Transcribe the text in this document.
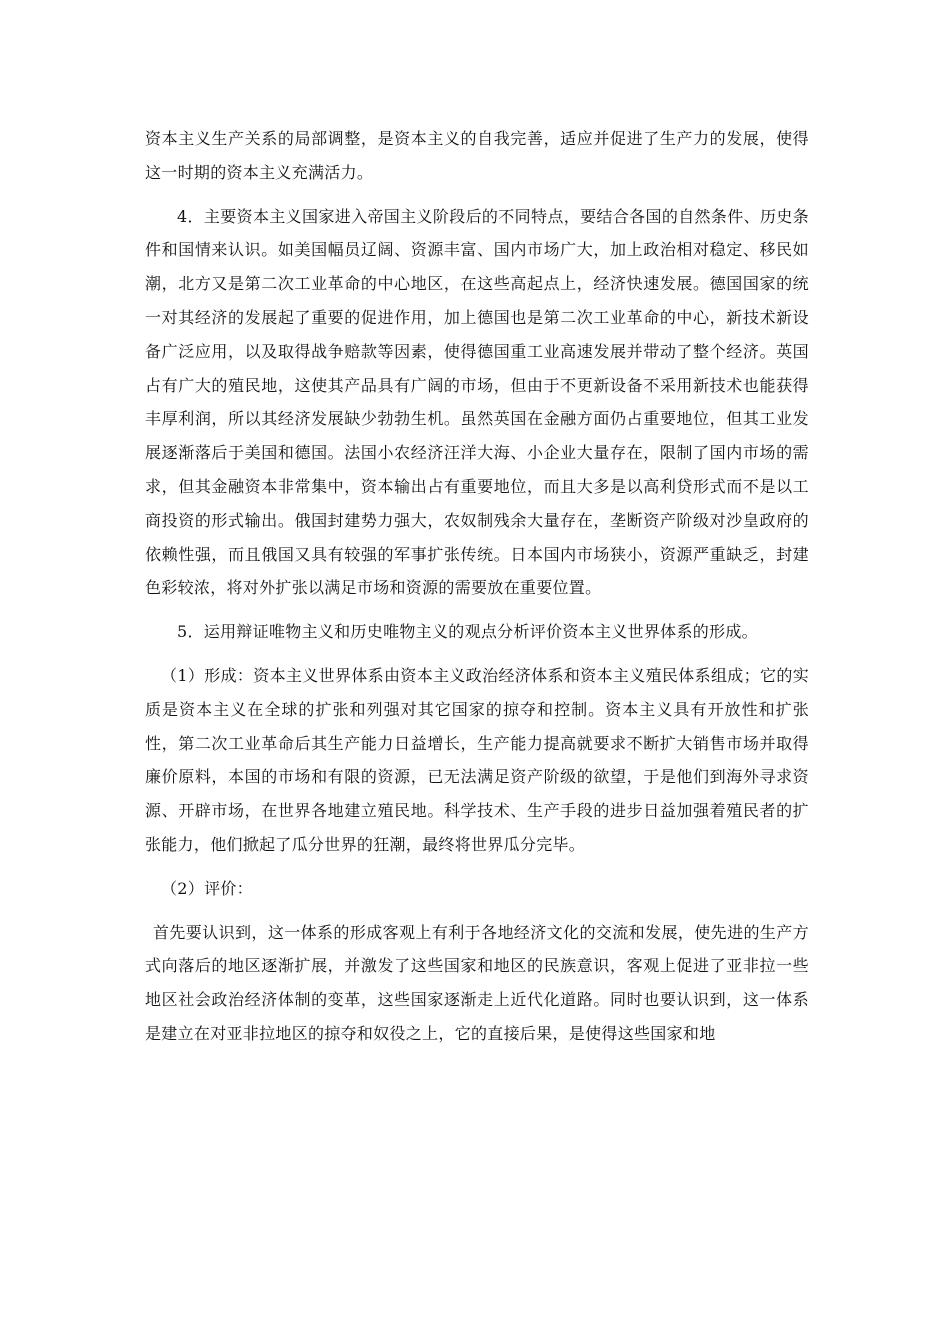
资本主义生产关系的局部调整，是资本主义的自我完善，适应并促进了生产力的发展，使得这一时期的资本主义充满活力。

4．主要资本主义国家进入帝国主义阶段后的不同特点，要结合各国的自然条件、历史条件和国情来认识。如美国幅员辽阔、资源丰富、国内市场广大，加上政治相对稳定、移民如潮，北方又是第二次工业革命的中心地区，在这些高起点上，经济快速发展。德国国家的统一对其经济的发展起了重要的促进作用，加上德国也是第二次工业革命的中心，新技术新设备广泛应用，以及取得战争赔款等因素，使得德国重工业高速发展并带动了整个经济。英国占有广大的殖民地，这使其产品具有广阔的市场，但由于不更新设备不采用新技术也能获得丰厚利润，所以其经济发展缺少勃勃生机。虽然英国在金融方面仍占重要地位，但其工业发展逐渐落后于美国和德国。法国小农经济汪洋大海、小企业大量存在，限制了国内市场的需求，但其金融资本非常集中，资本输出占有重要地位，而且大多是以高利贷形式而不是以工商投资的形式输出。俄国封建势力强大，农奴制残余大量存在，垄断资产阶级对沙皇政府的依赖性强，而且俄国又具有较强的军事扩张传统。日本国内市场狭小，资源严重缺乏，封建色彩较浓，将对外扩张以满足市场和资源的需要放在重要位置。

5．运用辩证唯物主义和历史唯物主义的观点分析评价资本主义世界体系的形成。

（1）形成：资本主义世界体系由资本主义政治经济体系和资本主义殖民体系组成；它的实质是资本主义在全球的扩张和列强对其它国家的掠夺和控制。资本主义具有开放性和扩张性，第二次工业革命后其生产能力日益增长，生产能力提高就要求不断扩大销售市场并取得廉价原料，本国的市场和有限的资源，已无法满足资产阶级的欲望，于是他们到海外寻求资源、开辟市场，在世界各地建立殖民地。科学技术、生产手段的进步日益加强着殖民者的扩张能力，他们掀起了瓜分世界的狂潮，最终将世界瓜分完毕。

（2）评价：

首先要认识到，这一体系的形成客观上有利于各地经济文化的交流和发展，使先进的生产方式向落后的地区逐渐扩展，并激发了这些国家和地区的民族意识，客观上促进了亚非拉一些地区社会政治经济体制的变革，这些国家逐渐走上近代化道路。同时也要认识到，这一体系是建立在对亚非拉地区的掠夺和奴役之上，它的直接后果，是使得这些国家和地
